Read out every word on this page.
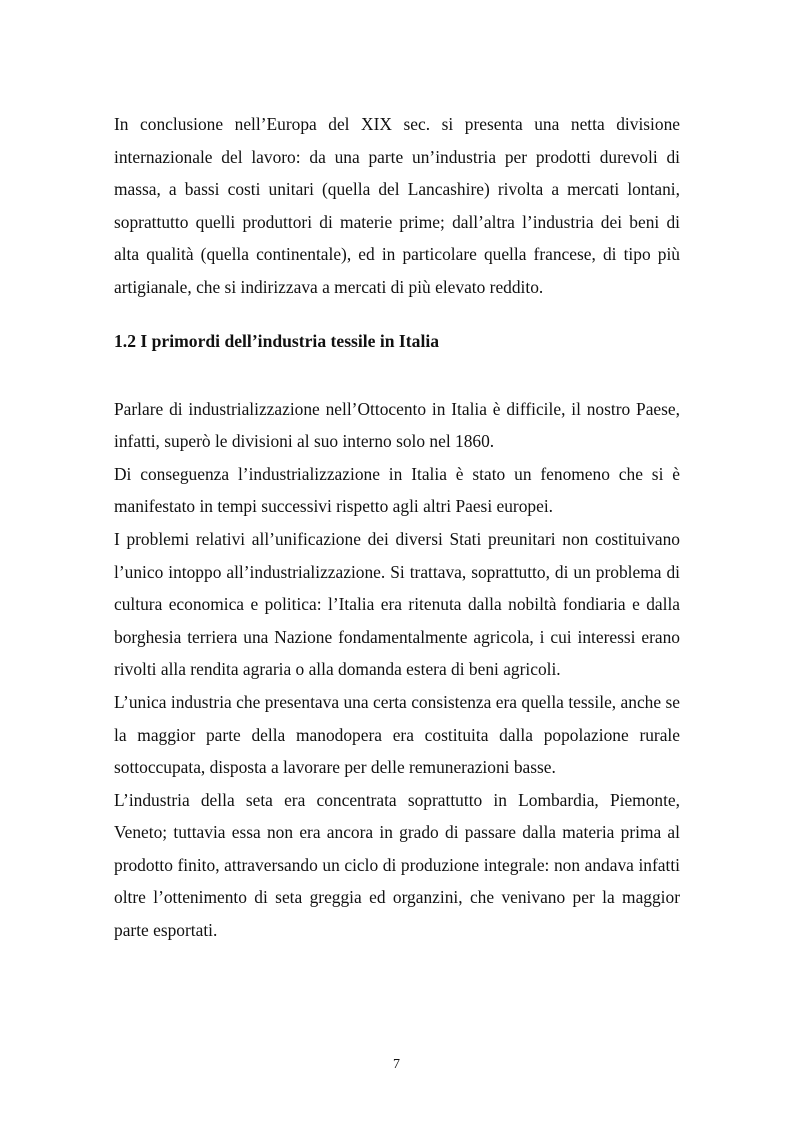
In conclusione nell’Europa del XIX sec. si presenta una netta divisione internazionale del lavoro: da una parte un’industria per prodotti durevoli di massa, a bassi costi unitari (quella del Lancashire) rivolta a mercati lontani, soprattutto quelli produttori di materie prime; dall’altra l’industria dei beni di alta qualità (quella continentale), ed in particolare quella francese, di tipo più artigianale, che si indirizzava a mercati di più elevato reddito.

1.2 I primordi dell’industria tessile in Italia

Parlare di industrializzazione nell’Ottocento in Italia è difficile, il nostro Paese, infatti, superò le divisioni al suo interno solo nel 1860.

Di conseguenza l’industrializzazione in Italia è stato un fenomeno che si è manifestato in tempi successivi rispetto agli altri Paesi europei.

I problemi relativi all’unificazione dei diversi Stati preunitari non costituivano l’unico intoppo all’industrializzazione. Si trattava, soprattutto, di un problema di cultura economica e politica: l’Italia era ritenuta dalla nobiltà fondiaria e dalla borghesia terriera una Nazione fondamentalmente agricola, i cui interessi erano rivolti alla rendita agraria o alla domanda estera di beni agricoli.

L’unica industria che presentava una certa consistenza era quella tessile, anche se la maggior parte della manodopera era costituita dalla popolazione rurale sottoccupata, disposta a lavorare per delle remunerazioni basse.

L’industria della seta era concentrata soprattutto in Lombardia, Piemonte, Veneto; tuttavia essa non era ancora in grado di passare dalla materia prima al prodotto finito, attraversando un ciclo di produzione integrale: non andava infatti oltre l’ottenimento di seta greggia ed organzini, che venivano per la maggior parte esportati.

7
